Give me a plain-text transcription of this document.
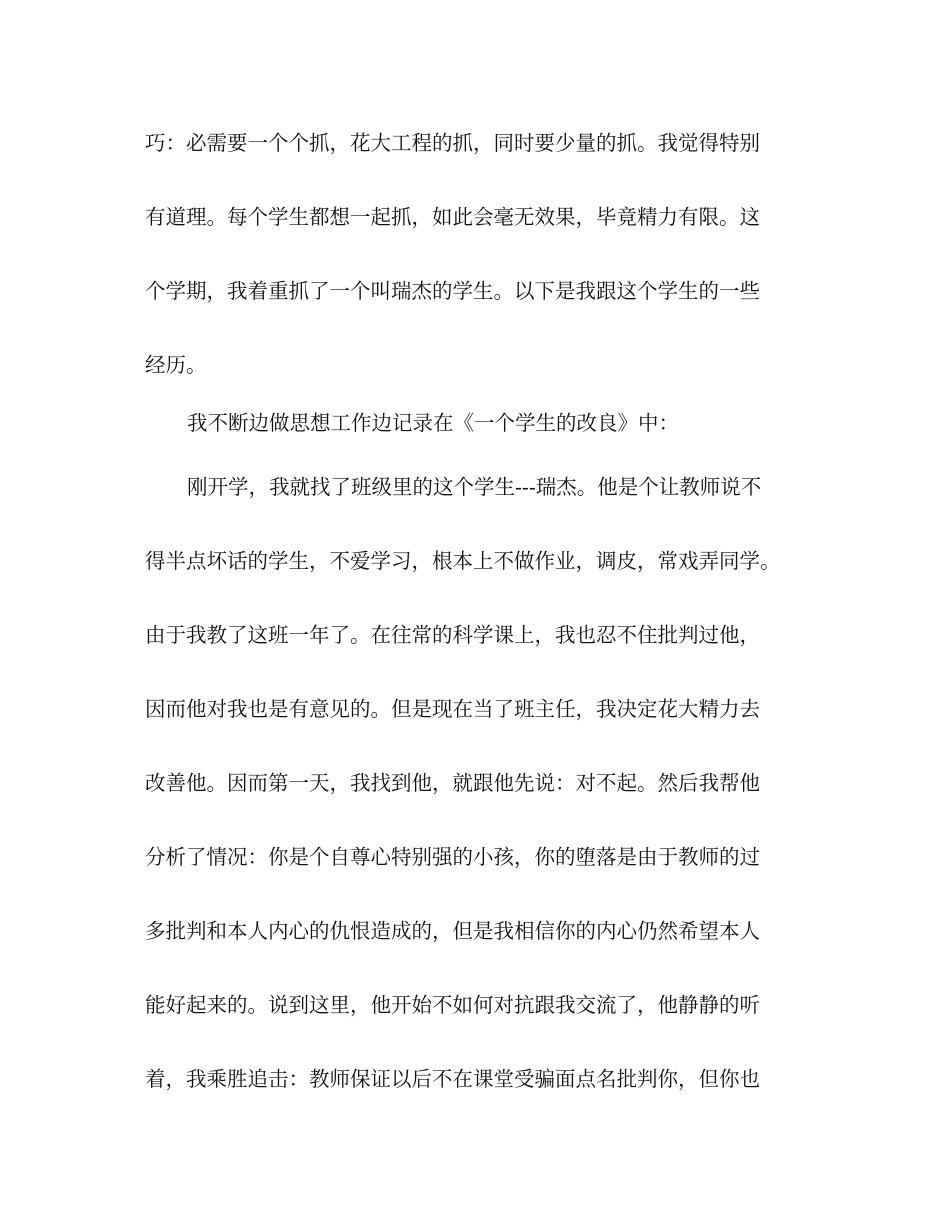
巧：必需要一个个抓，花大工程的抓，同时要少量的抓。我觉得特别
有道理。每个学生都想一起抓，如此会毫无效果，毕竟精力有限。这
个学期，我着重抓了一个叫瑞杰的学生。以下是我跟这个学生的一些
经历。
我不断边做思想工作边记录在《一个学生的改良》中：
刚开学，我就找了班级里的这个学生---瑞杰。他是个让教师说不
得半点坏话的学生，不爱学习，根本上不做作业，调皮，常戏弄同学。
由于我教了这班一年了。在往常的科学课上，我也忍不住批判过他，
因而他对我也是有意见的。但是现在当了班主任，我决定花大精力去
改善他。因而第一天，我找到他，就跟他先说：对不起。然后我帮他
分析了情况：你是个自尊心特别强的小孩，你的堕落是由于教师的过
多批判和本人内心的仇恨造成的，但是我相信你的内心仍然希望本人
能好起来的。说到这里，他开始不如何对抗跟我交流了，他静静的听
着，我乘胜追击：教师保证以后不在课堂受骗面点名批判你，但你也
